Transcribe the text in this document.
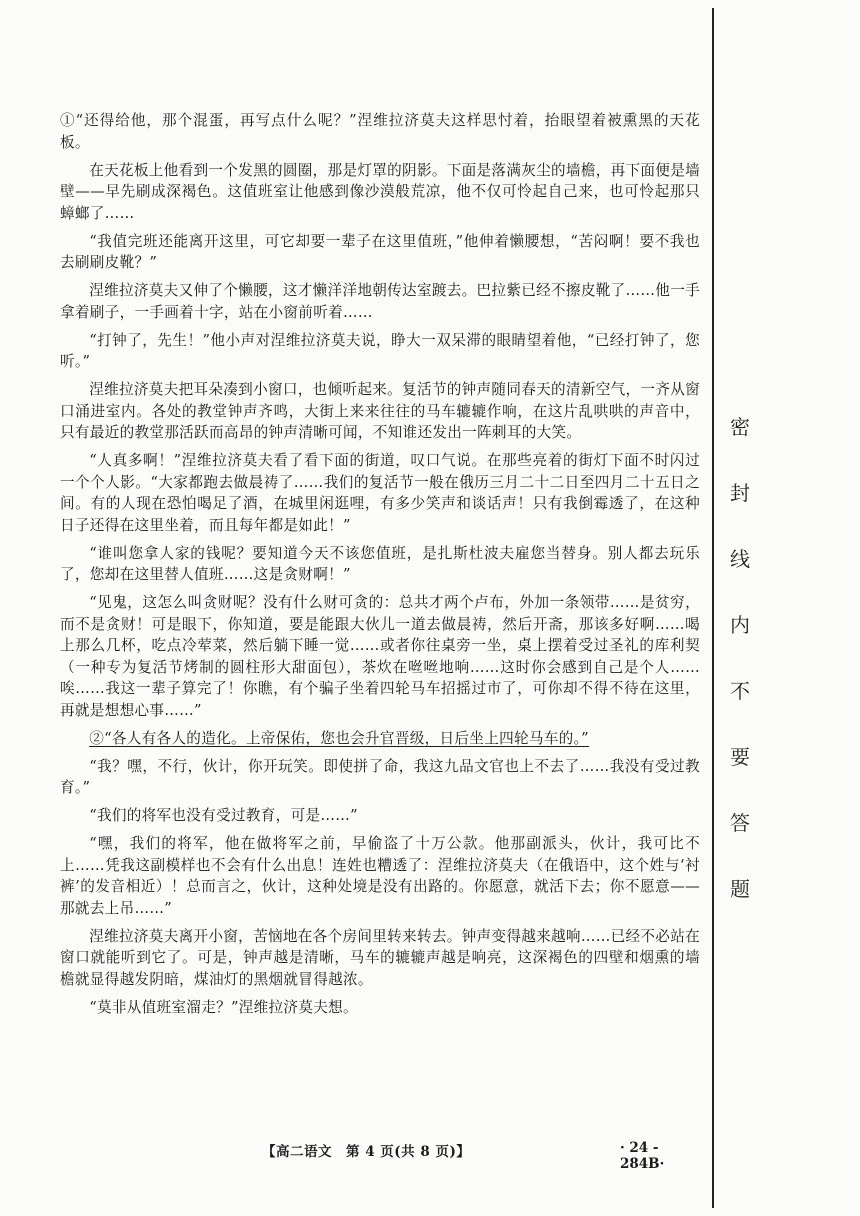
①“还得给他，那个混蛋，再写点什么呢？”涅维拉济莫夫这样思忖着，抬眼望着被熏黑的天花板。

在天花板上他看到一个发黑的圆圈，那是灯罩的阴影。下面是落满灰尘的墙檐，再下面便是墙壁——早先刷成深褐色。这值班室让他感到像沙漠般荒凉，他不仅可怜起自己来，也可怜起那只蟑螂了……

“我值完班还能离开这里，可它却要一辈子在这里值班，”他伸着懒腰想，“苦闷啊！要不我也去刷刷皮靴？”

涅维拉济莫夫又伸了个懒腰，这才懒洋洋地朝传达室踱去。巴拉紫已经不擦皮靴了……他一手拿着刷子，一手画着十字，站在小窗前听着……

“打钟了，先生！”他小声对涅维拉济莫夫说，睁大一双呆滞的眼睛望着他，“已经打钟了，您听。”

涅维拉济莫夫把耳朵凑到小窗口，也倾听起来。复活节的钟声随同春天的清新空气，一齐从窗口涌进室内。各处的教堂钟声齐鸣，大街上来来往往的马车辘辘作响，在这片乱哄哄的声音中，只有最近的教堂那活跃而高昂的钟声清晰可闻，不知谁还发出一阵刺耳的大笑。

“人真多啊！”涅维拉济莫夫看了看下面的街道，叹口气说。在那些亮着的街灯下面不时闪过一个个人影。“大家都跑去做晨祷了……我们的复活节一般在俄历三月二十二日至四月二十五日之间。有的人现在恐怕喝足了酒，在城里闲逛哩，有多少笑声和谈话声！只有我倒霉透了，在这种日子还得在这里坐着，而且每年都是如此！”

“谁叫您拿人家的钱呢？要知道今天不该您值班，是扎斯杜波夫雇您当替身。别人都去玩乐了，您却在这里替人值班……这是贪财啊！”

“见鬼，这怎么叫贪财呢？没有什么财可贪的：总共才两个卢布，外加一条领带……是贫穷，而不是贪财！可是眼下，你知道，要是能跟大伙儿一道去做晨祷，然后开斋，那该多好啊……喝上那么几杯，吃点冷荤菜，然后躺下睡一觉……或者你往桌旁一坐，桌上摆着受过圣礼的库利契（一种专为复活节烤制的圆柱形大甜面包），茶炊在咝咝地响……这时你会感到自己是个人……唉……我这一辈子算完了！你瞧，有个骗子坐着四轮马车招摇过市了，可你却不得不待在这里，再就是想想心事……”

②“各人有各人的造化。上帝保佑，您也会升官晋级，日后坐上四轮马车的。”

“我？嘿，不行，伙计，你开玩笑。即使拼了命，我这九品文官也上不去了……我没有受过教育。”

“我们的将军也没有受过教育，可是……”

“嘿，我们的将军，他在做将军之前，早偷盗了十万公款。他那副派头，伙计，我可比不上……凭我这副模样也不会有什么出息！连姓也糟透了：涅维拉济莫夫（在俄语中，这个姓与‘衬裤’的发音相近）！总而言之，伙计，这种处境是没有出路的。你愿意，就活下去；你不愿意——那就去上吊……”

涅维拉济莫夫离开小窗，苦恼地在各个房间里转来转去。钟声变得越来越响……已经不必站在窗口就能听到它了。可是，钟声越是清晰，马车的辘辘声越是响亮，这深褐色的四壁和烟熏的墙檐就显得越发阴暗，煤油灯的黑烟就冒得越浓。

“莫非从值班室溜走？”涅维拉济莫夫想。

【高二语文　第 4 页(共 8 页)】	· 24 - 284B·
密
封
线
内
不
要
答
题
